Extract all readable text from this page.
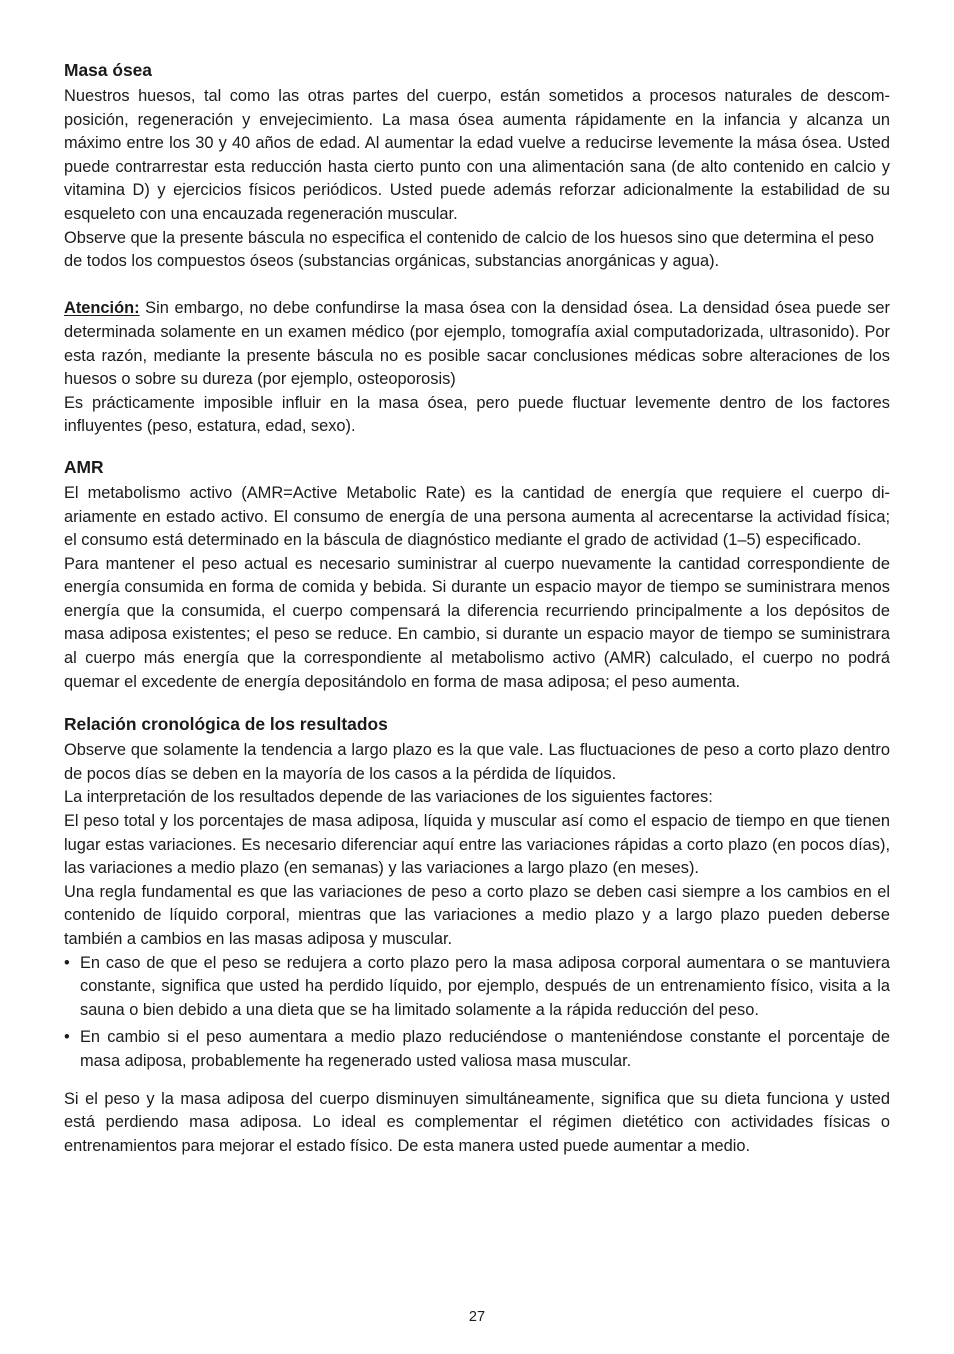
Masa ósea

Nuestros huesos, tal como las otras partes del cuerpo, están sometidos a procesos naturales de descomposición, regeneración y envejecimiento. La masa ósea aumenta rápidamente en la infancia y alcanza un máximo entre los 30 y 40 años de edad. Al aumentar la edad vuelve a reducirse levemente la mása ósea. Usted puede contrarrestar esta reducción hasta cierto punto con una alimentación sana (de alto contenido en calcio y vitamina D) y ejercicios físicos periódicos. Usted puede además reforzar adicionalmente la estabilidad de su esqueleto con una encauzada regeneración muscular.

Observe que la presente báscula no especifica el contenido de calcio de los huesos sino que determina el peso de todos los compuestos óseos (substancias orgánicas, substancias anorgánicas y agua).

Atención: Sin embargo, no debe confundirse la masa ósea con la densidad ósea. La densidad ósea puede ser determinada solamente en un examen médico (por ejemplo, tomografía axial computadorizada, ultrasonido). Por esta razón, mediante la presente báscula no es posible sacar conclusiones médicas sobre alteraciones de los huesos o sobre su dureza (por ejemplo, osteoporosis)

Es prácticamente imposible influir en la masa ósea, pero puede fluctuar levemente dentro de los factores influyentes (peso, estatura, edad, sexo).

AMR

El metabolismo activo (AMR=Active Metabolic Rate) es la cantidad de energía que requiere el cuerpo diariamente en estado activo. El consumo de energía de una persona aumenta al acrecentarse la actividad física; el consumo está determinado en la báscula de diagnóstico mediante el grado de actividad (1–5) especificado.

Para mantener el peso actual es necesario suministrar al cuerpo nuevamente la cantidad correspondiente de energía consumida en forma de comida y bebida. Si durante un espacio mayor de tiempo se suministrara menos energía que la consumida, el cuerpo compensará la diferencia recurriendo principalmente a los depósitos de masa adiposa existentes; el peso se reduce. En cambio, si durante un espacio mayor de tiempo se suministrara al cuerpo más energía que la correspondiente al metabolismo activo (AMR) calculado, el cuerpo no podrá quemar el excedente de energía depositándolo en forma de masa adiposa; el peso aumenta.

Relación cronológica de los resultados

Observe que solamente la tendencia a largo plazo es la que vale. Las fluctuaciones de peso a corto plazo dentro de pocos días se deben en la mayoría de los casos a la pérdida de líquidos.

La interpretación de los resultados depende de las variaciones de los siguientes factores:

El peso total y los porcentajes de masa adiposa, líquida y muscular así como el espacio de tiempo en que tienen lugar estas variaciones. Es necesario diferenciar aquí entre las variaciones rápidas a corto plazo (en pocos días), las variaciones a medio plazo (en semanas) y las variaciones a largo plazo (en meses).

Una regla fundamental es que las variaciones de peso a corto plazo se deben casi siempre a los cambios en el contenido de líquido corporal, mientras que las variaciones a medio plazo y a largo plazo pueden deberse también a cambios en las masas adiposa y muscular.

• En caso de que el peso se redujera a corto plazo pero la masa adiposa corporal aumentara o se mantuviera constante, significa que usted ha perdido líquido, por ejemplo, después de un entrenamiento físico, visita a la sauna o bien debido a una dieta que se ha limitado solamente a la rápida reducción del peso.
• En cambio si el peso aumentara a medio plazo reduciéndose o manteniéndose constante el porcentaje de masa adiposa, probablemente ha regenerado usted valiosa masa muscular.

Si el peso y la masa adiposa del cuerpo disminuyen simultáneamente, significa que su dieta funciona y usted está perdiendo masa adiposa. Lo ideal es complementar el régimen dietético con actividades físicas o entrenamientos para mejorar el estado físico. De esta manera usted puede aumentar a medio.

27
